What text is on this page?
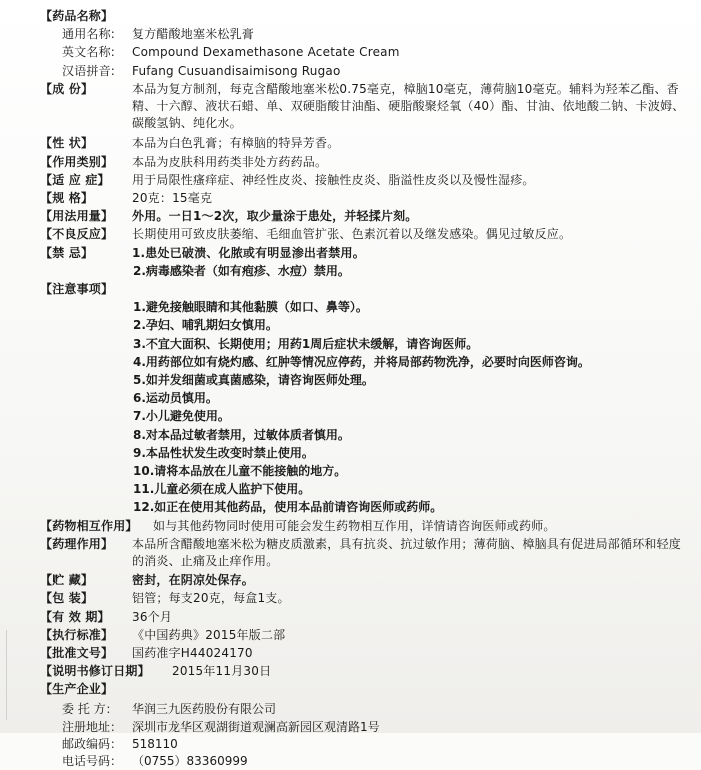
【药品名称】
通用名称:	复方醋酸地塞米松乳膏
英文名称:	Compound Dexamethasone Acetate Cream
汉语拼音:	Fufang Cusuandisaimisong Rugao
【成 份】	本品为复方制剂，每克含醋酸地塞米松0.75毫克，樟脑10毫克，薄荷脑10毫克。辅料为羟苯乙酯、香精、十六醇、液状石蜡、单、双硬脂酸甘油酯、硬脂酸聚烃氧（40）酯、甘油、依地酸二钠、卡波姆、碳酸氢钠、纯化水。
【性 状】	本品为白色乳膏；有樟脑的特异芳香。
【作用类别】	本品为皮肤科用药类非处方药药品。
【适 应 症】	用于局限性瘙痒症、神经性皮炎、接触性皮炎、脂溢性皮炎以及慢性湿疹。
【规 格】	20克：15毫克
【用法用量】	外用。一日1～2次，取少量涂于患处，并轻揉片刻。
【不良反应】	长期使用可致皮肤萎缩、毛细血管扩张、色素沉着以及继发感染。偶见过敏反应。
【禁 忌】	1.患处已破溃、化脓或有明显渗出者禁用。
2.病毒感染者（如有疱疹、水痘）禁用。
【注意事项】
1.避免接触眼睛和其他黏膜（如口、鼻等）。
2.孕妇、哺乳期妇女慎用。
3.不宜大面积、长期使用；用药1周后症状未缓解，请咨询医师。
4.用药部位如有烧灼感、红肿等情况应停药，并将局部药物洗净，必要时向医师咨询。
5.如并发细菌或真菌感染，请咨询医师处理。
6.运动员慎用。
7.小儿避免使用。
8.对本品过敏者禁用，过敏体质者慎用。
9.本品性状发生改变时禁止使用。
10.请将本品放在儿童不能接触的地方。
11.儿童必须在成人监护下使用。
12.如正在使用其他药品，使用本品前请咨询医师或药师。
【药物相互作用】	如与其他药物同时使用可能会发生药物相互作用，详情请咨询医师或药师。
【药理作用】	本品所含醋酸地塞米松为糖皮质激素，具有抗炎、抗过敏作用；薄荷脑、樟脑具有促进局部循环和轻度的消炎、止痛及止痒作用。
【贮 藏】	密封，在阴凉处保存。
【包 装】	铝管；每支20克，每盒1支。
【有 效 期】	36个月
【执行标准】	《中国药典》2015年版二部
【批准文号】	国药准字H44024170
【说明书修订日期】	2015年11月30日
【生产企业】
委 托 方： 华润三九医药股份有限公司
注册地址： 深圳市龙华区观湖街道观澜高新园区观清路1号
邮政编码： 518110
电话号码： （0755）83360999
